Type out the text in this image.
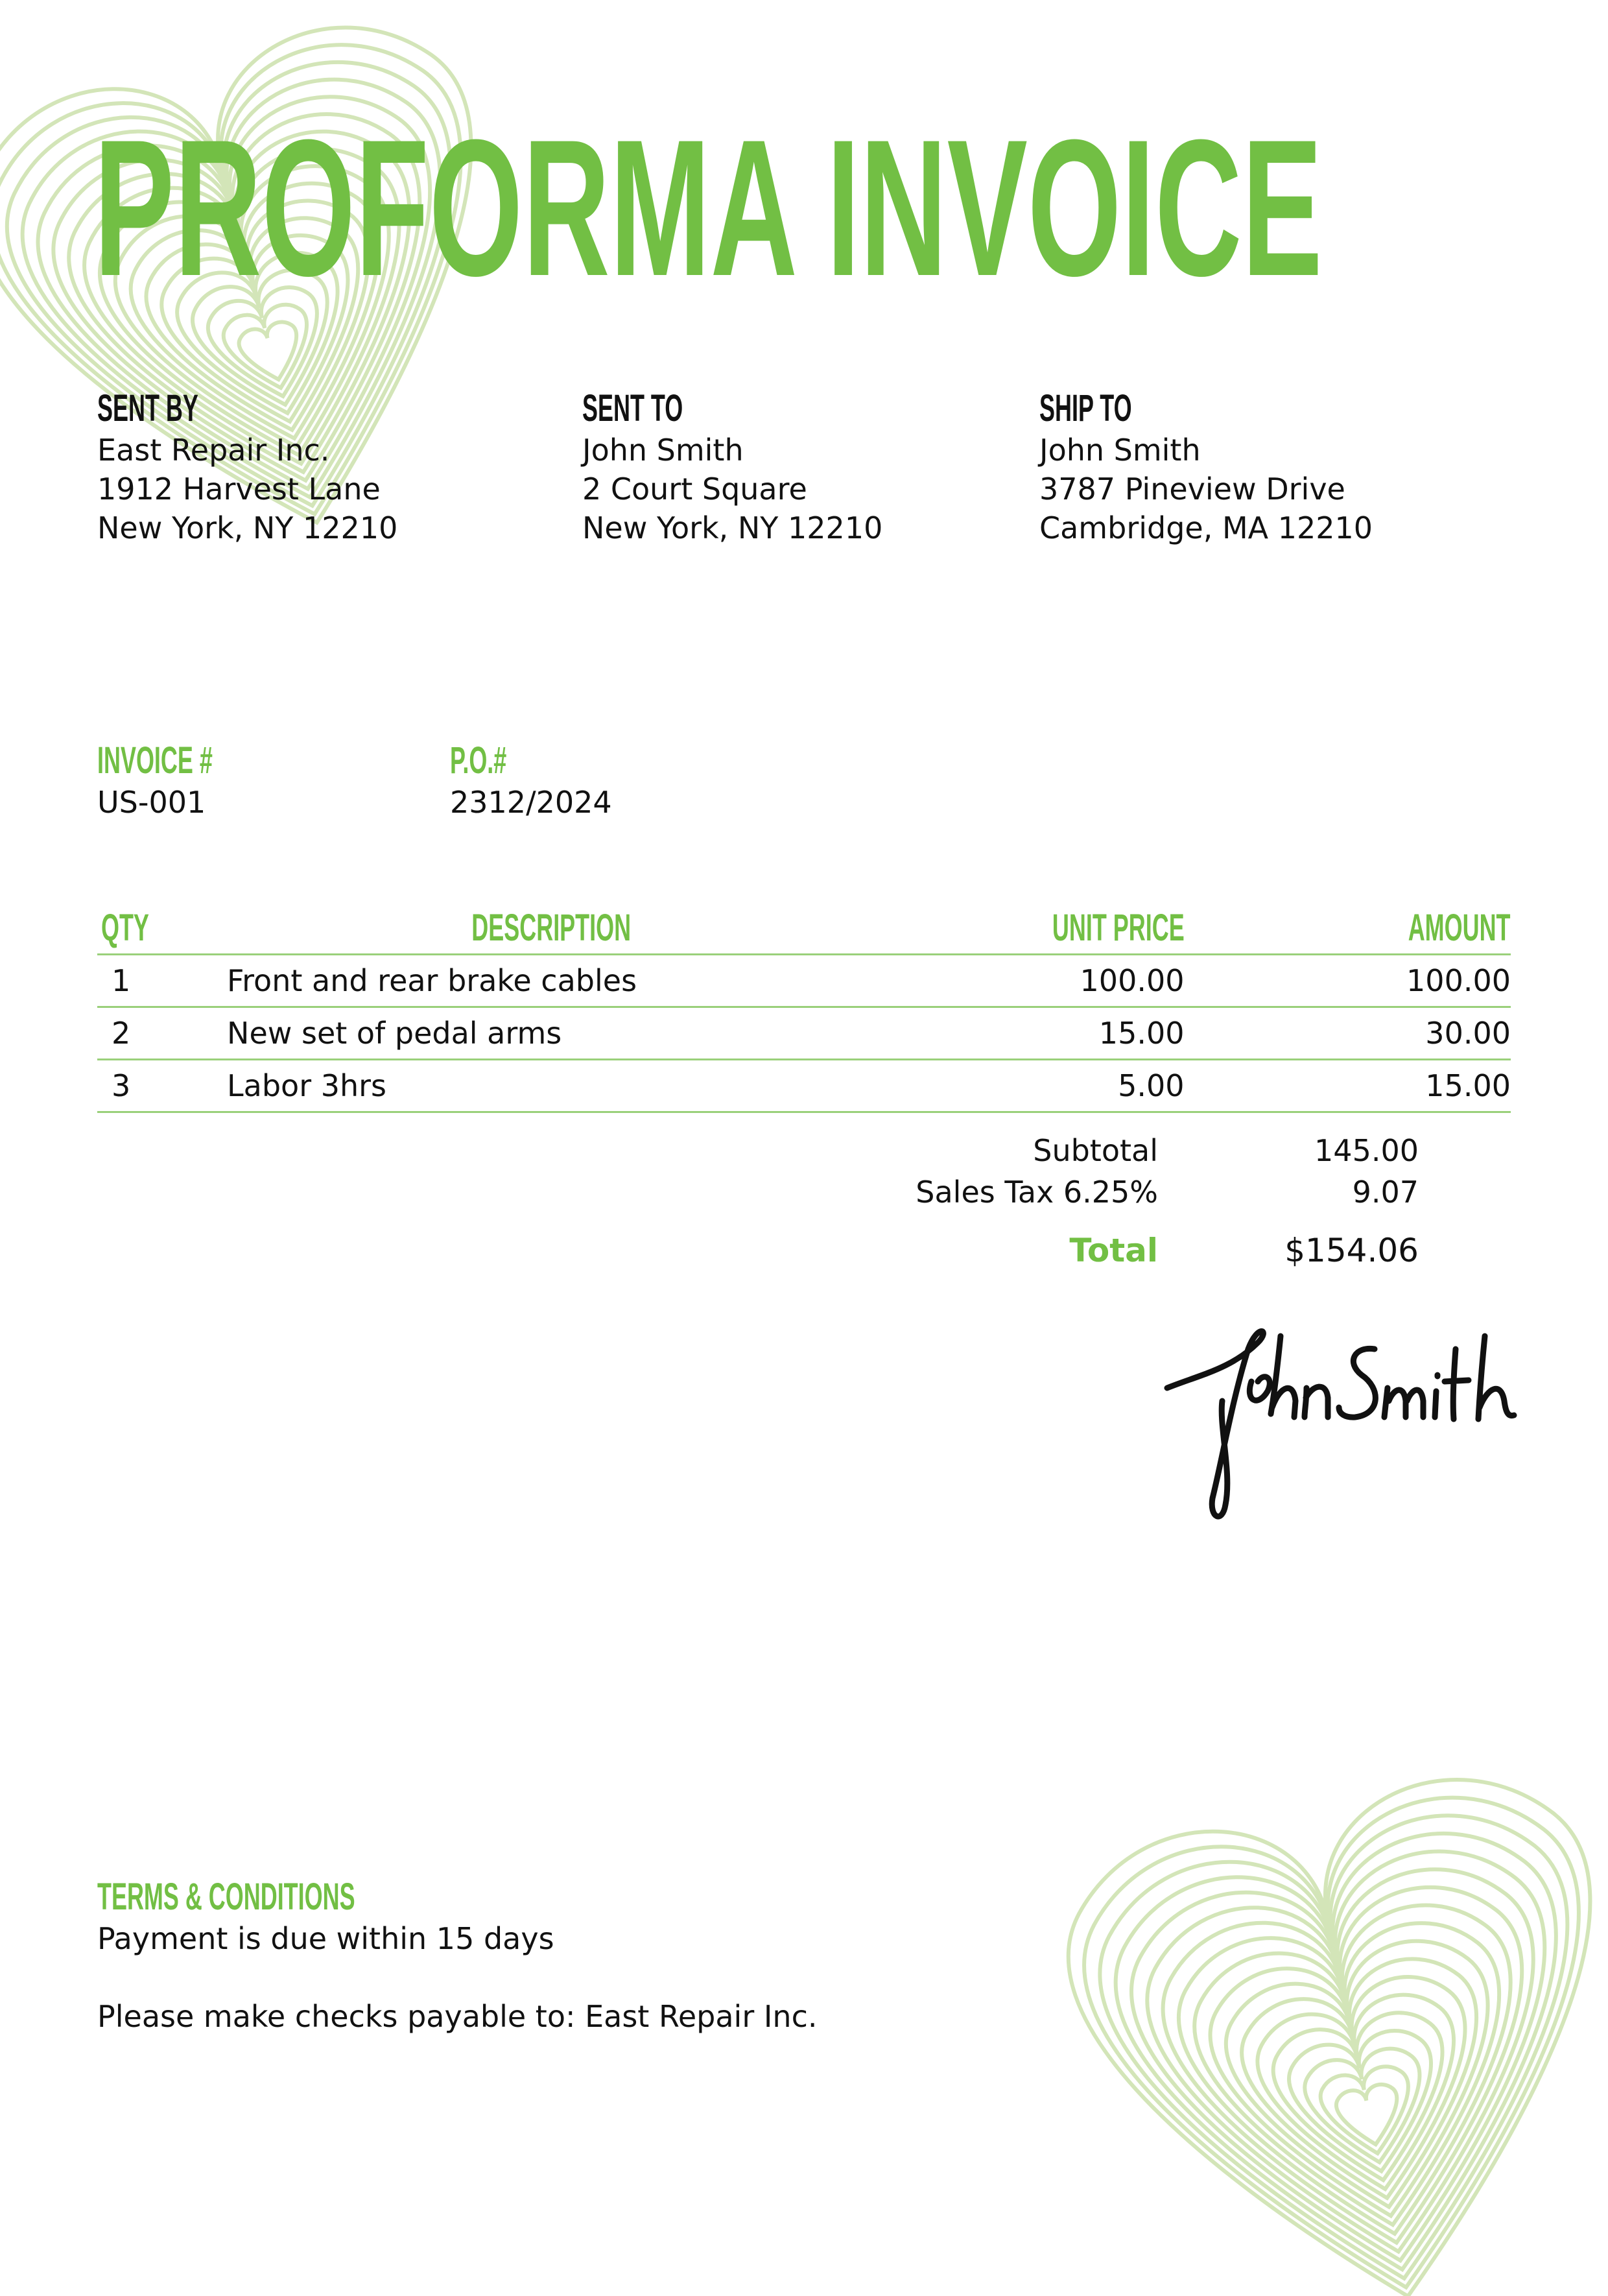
PROFORMA INVOICE
SENT BY
East Repair Inc.
1912 Harvest Lane
New York, NY 12210
SENT TO
John Smith
2 Court Square
New York, NY 12210
SHIP TO
John Smith
3787 Pineview Drive
Cambridge, MA 12210
INVOICE #
US-001
P.O.#
2312/2024
QTY	DESCRIPTION	UNIT PRICE	AMOUNT
1	Front and rear brake cables	100.00	100.00
2	New set of pedal arms	15.00	30.00
3	Labor 3hrs	5.00	15.00
Subtotal	145.00
Sales Tax 6.25%	9.07
Total	$154.06
TERMS & CONDITIONS
Payment is due within 15 days
Please make checks payable to: East Repair Inc.
